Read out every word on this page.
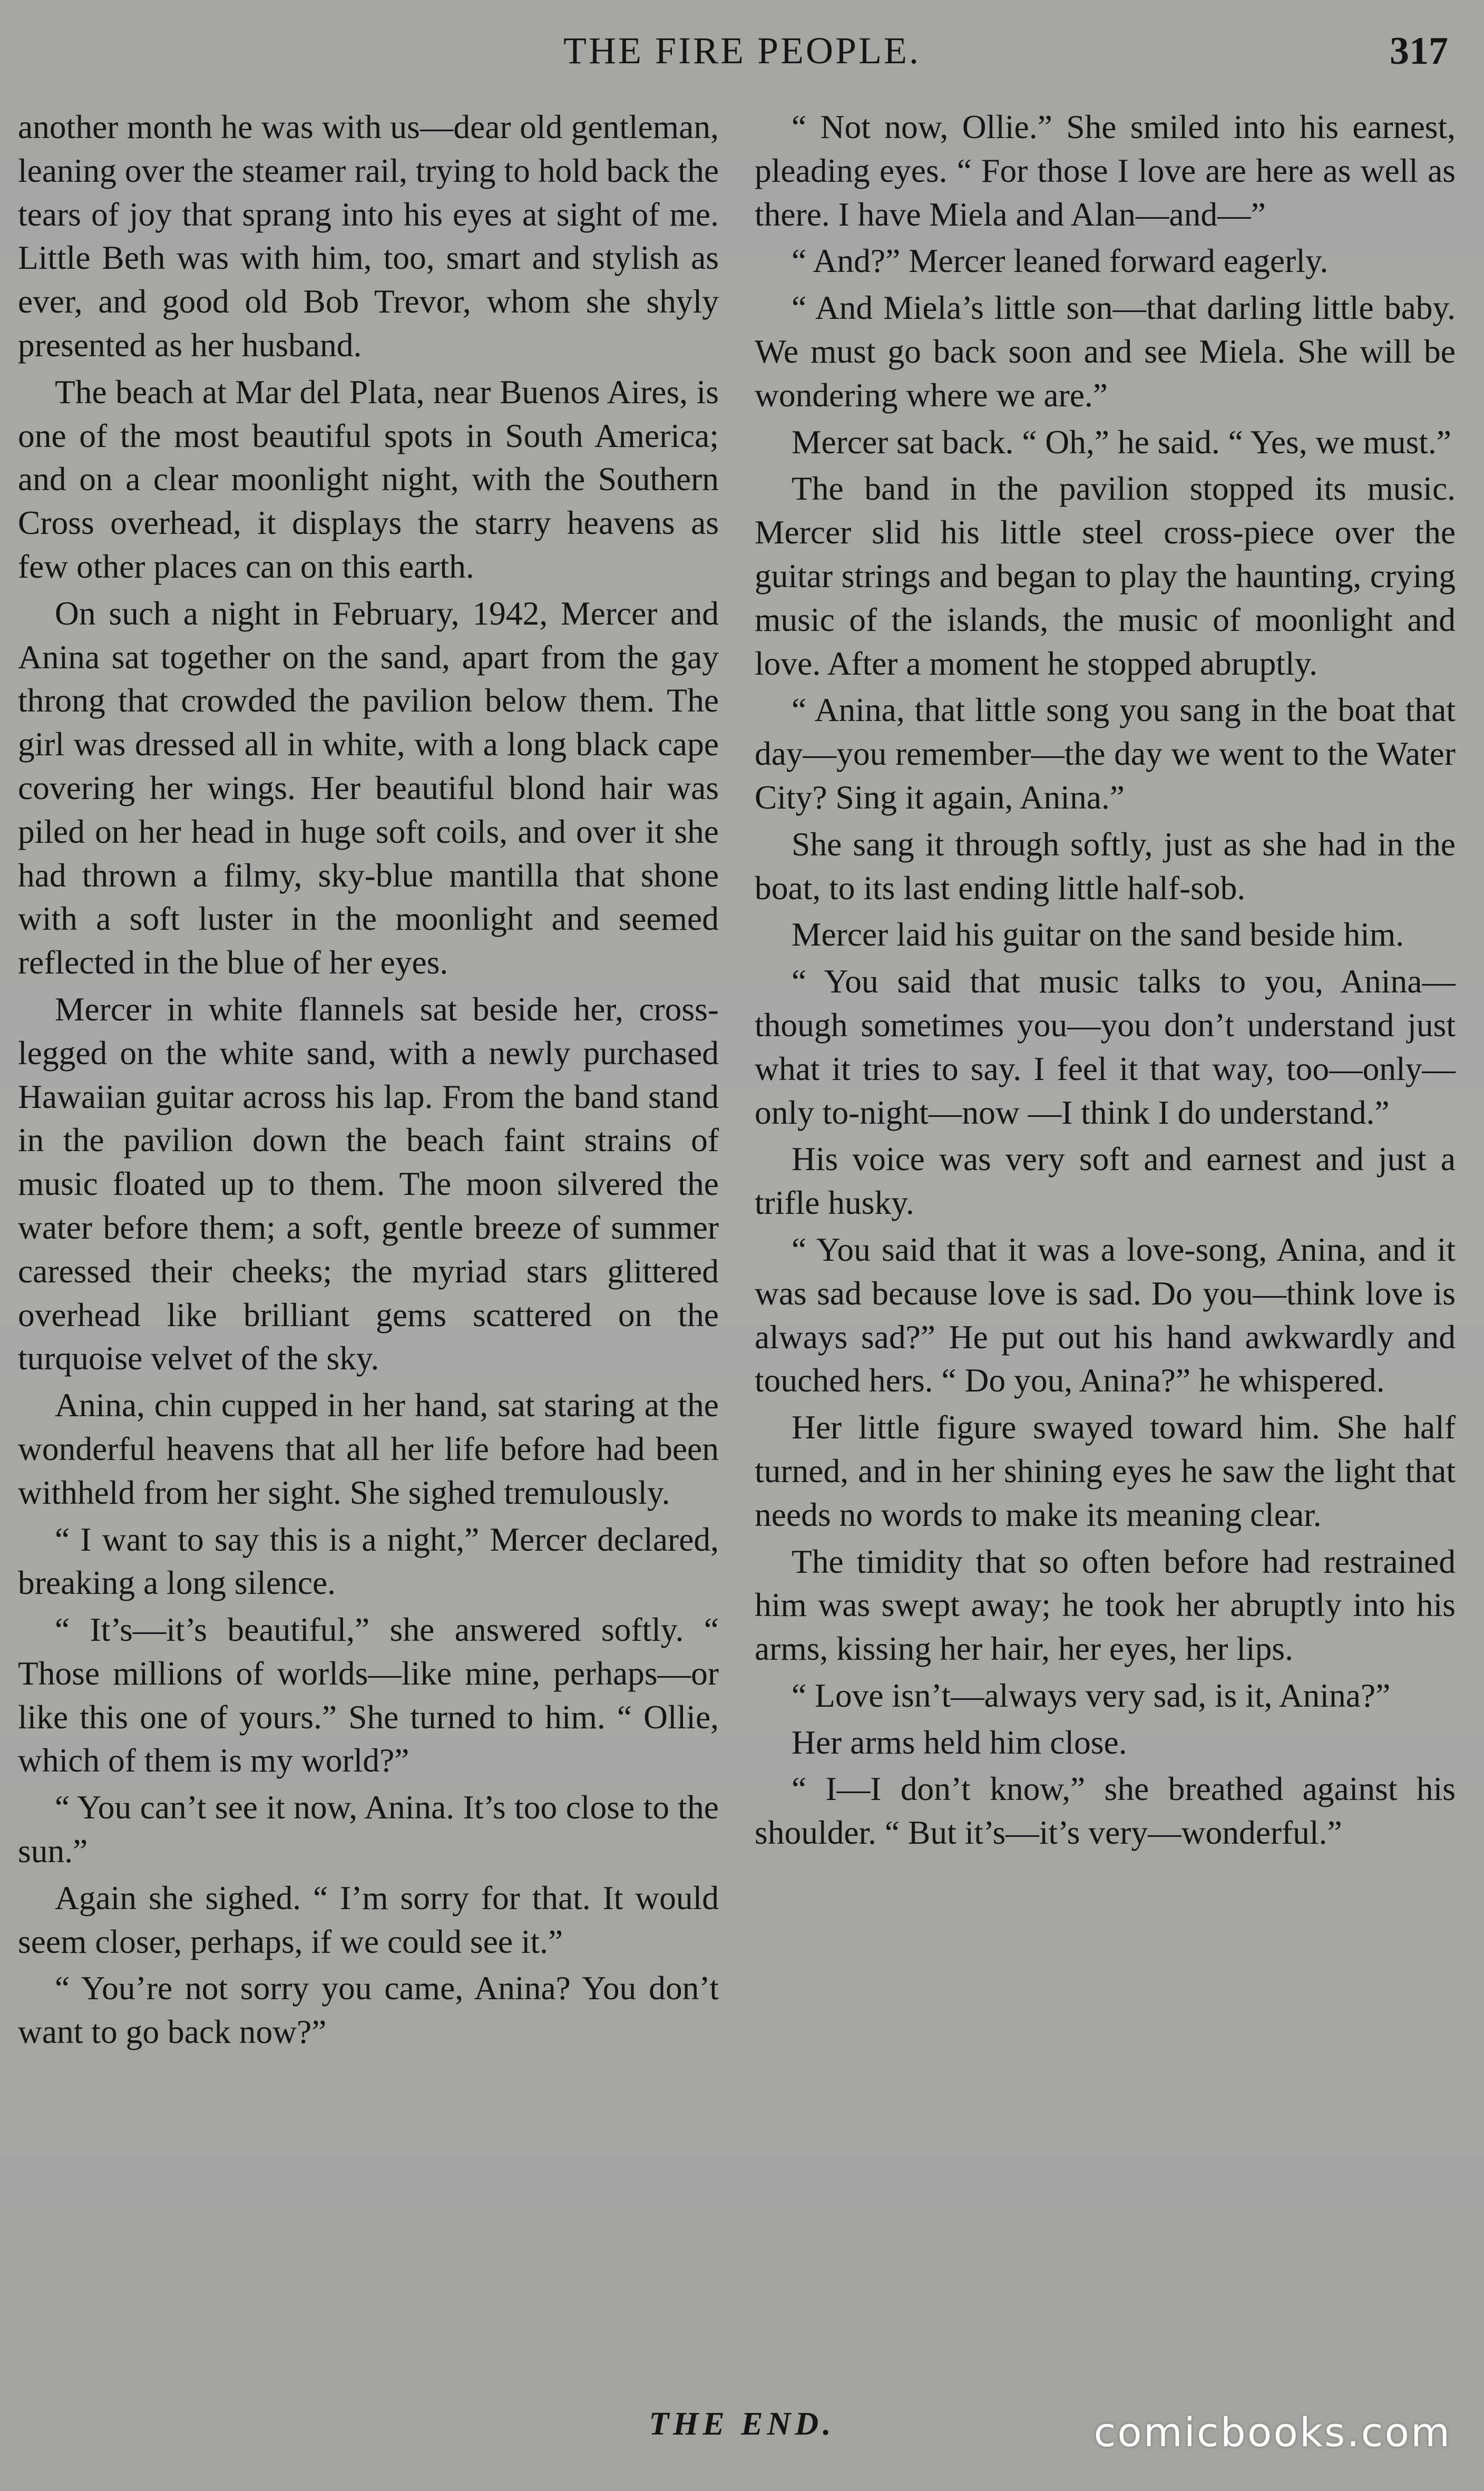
THE FIRE PEOPLE.	317

another month he was with us—dear old gentleman, leaning over the steamer rail, trying to hold back the tears of joy that sprang into his eyes at sight of me. Little Beth was with him, too, smart and stylish as ever, and good old Bob Trevor, whom she shyly presented as her husband.

The beach at Mar del Plata, near Buenos Aires, is one of the most beautiful spots in South America; and on a clear moonlight night, with the Southern Cross overhead, it displays the starry heavens as few other places can on this earth.

On such a night in February, 1942, Mercer and Anina sat together on the sand, apart from the gay throng that crowded the pavilion below them. The girl was dressed all in white, with a long black cape covering her wings. Her beautiful blond hair was piled on her head in huge soft coils, and over it she had thrown a filmy, sky-blue mantilla that shone with a soft luster in the moonlight and seemed reflected in the blue of her eyes.

Mercer in white flannels sat beside her, cross-legged on the white sand, with a newly purchased Hawaiian guitar across his lap. From the band stand in the pavilion down the beach faint strains of music floated up to them. The moon silvered the water before them; a soft, gentle breeze of summer caressed their cheeks; the myriad stars glittered overhead like brilliant gems scattered on the turquoise velvet of the sky.

Anina, chin cupped in her hand, sat staring at the wonderful heavens that all her life before had been withheld from her sight. She sighed tremulously.

“ I want to say this is a night,” Mercer declared, breaking a long silence.

“ It’s—it’s beautiful,” she answered softly. “ Those millions of worlds—like mine, perhaps—or like this one of yours.” She turned to him. “ Ollie, which of them is my world?”

“ You can’t see it now, Anina. It’s too close to the sun.”

Again she sighed. “ I’m sorry for that. It would seem closer, perhaps, if we could see it.”

“ You’re not sorry you came, Anina? You don’t want to go back now?”

“ Not now, Ollie.” She smiled into his earnest, pleading eyes. “ For those I love are here as well as there. I have Miela and Alan—and—”

“ And?” Mercer leaned forward eagerly.

“ And Miela’s little son—that darling little baby. We must go back soon and see Miela. She will be wondering where we are.”

Mercer sat back. “ Oh,” he said. “ Yes, we must.”

The band in the pavilion stopped its music. Mercer slid his little steel cross-piece over the guitar strings and began to play the haunting, crying music of the islands, the music of moonlight and love. After a moment he stopped abruptly.

“ Anina, that little song you sang in the boat that day—you remember—the day we went to the Water City? Sing it again, Anina.”

She sang it through softly, just as she had in the boat, to its last ending little half-sob.

Mercer laid his guitar on the sand beside him.

“ You said that music talks to you, Anina—though sometimes you—you don’t understand just what it tries to say. I feel it that way, too—only—only to-night—now —I think I do understand.”

His voice was very soft and earnest and just a trifle husky.

“ You said that it was a love-song, Anina, and it was sad because love is sad. Do you—think love is always sad?” He put out his hand awkwardly and touched hers. “ Do you, Anina?” he whispered.

Her little figure swayed toward him. She half turned, and in her shining eyes he saw the light that needs no words to make its meaning clear.

The timidity that so often before had restrained him was swept away; he took her abruptly into his arms, kissing her hair, her eyes, her lips.

“ Love isn’t—always very sad, is it, Anina?”

Her arms held him close.

“ I—I don’t know,” she breathed against his shoulder. “ But it’s—it’s very—wonderful.”

THE END.	comicbooks.com
